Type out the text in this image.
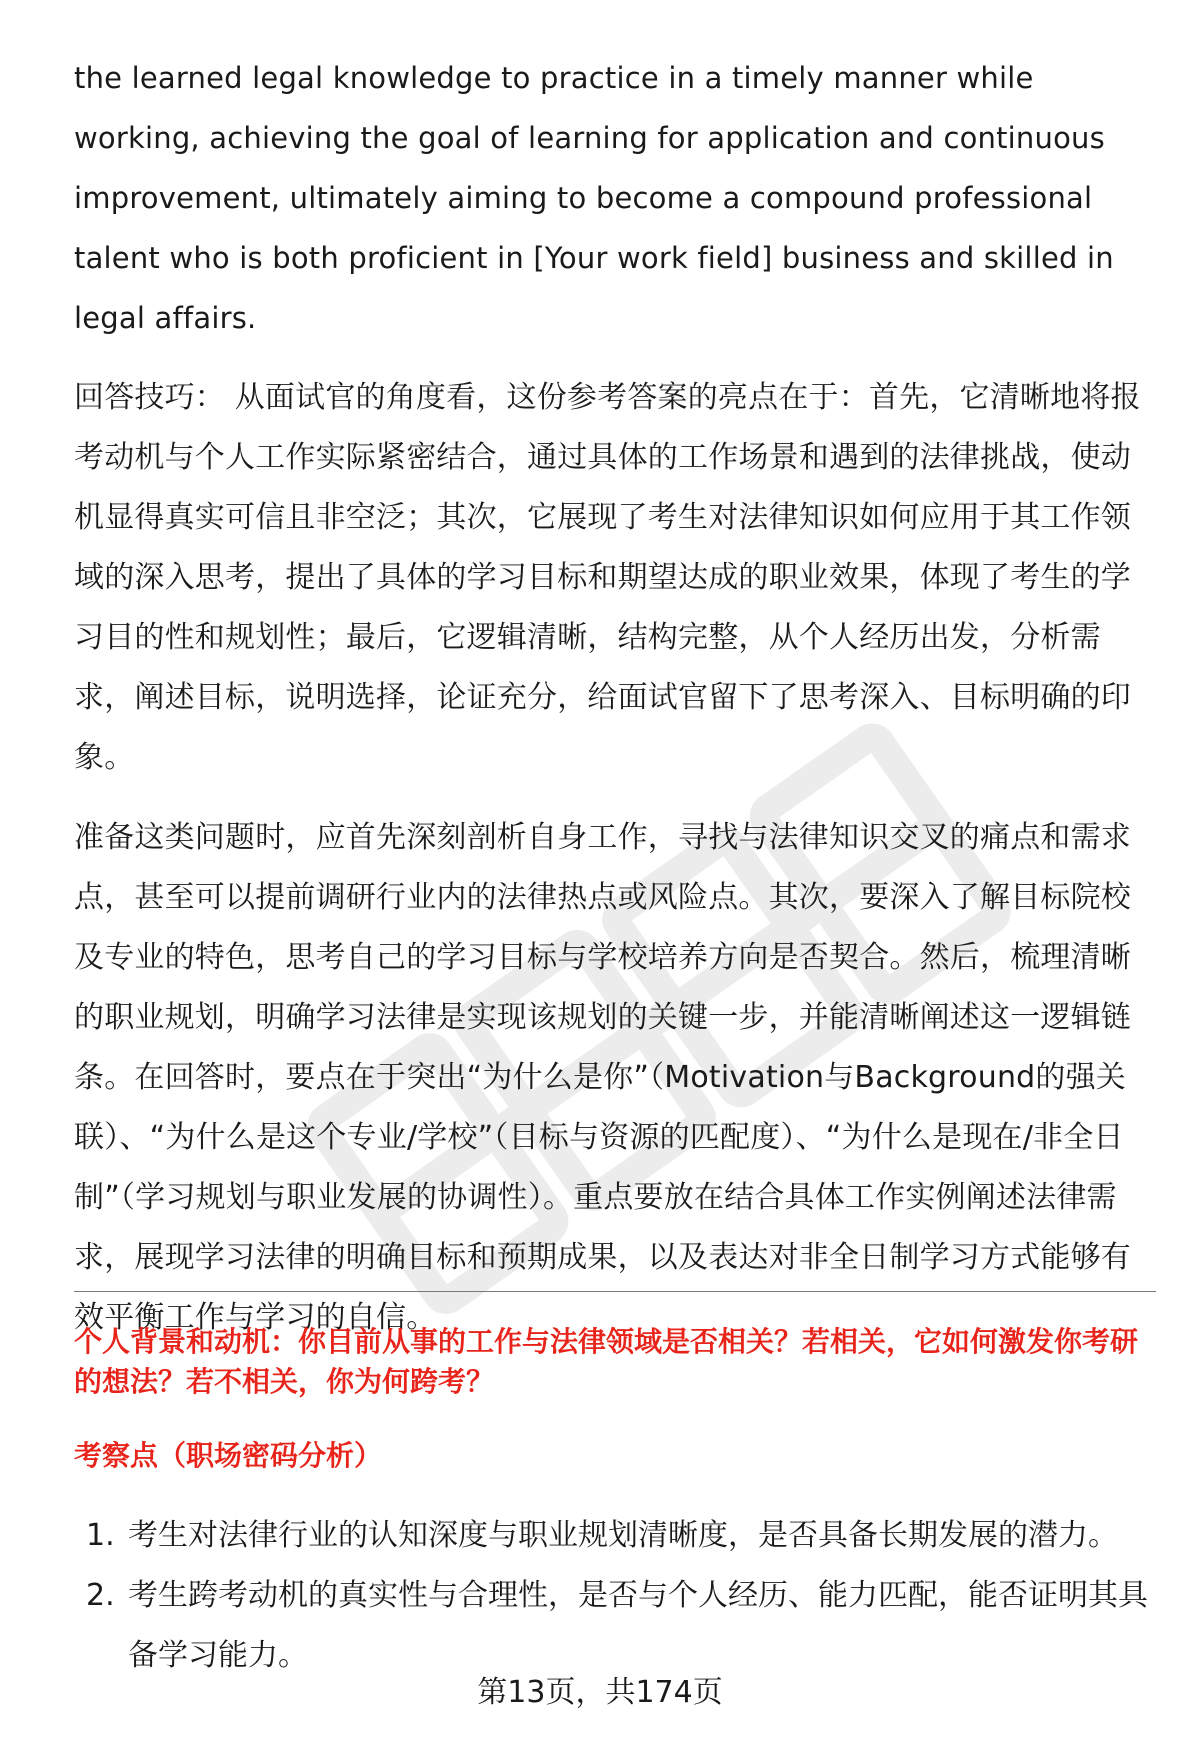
the learned legal knowledge to practice in a timely manner while working, achieving the goal of learning for application and continuous improvement, ultimately aiming to become a compound professional talent who is both proficient in [Your work field] business and skilled in legal affairs.

回答技巧： 从面试官的角度看，这份参考答案的亮点在于：首先，它清晰地将报考动机与个人工作实际紧密结合，通过具体的工作场景和遇到的法律挑战，使动机显得真实可信且非空泛；其次，它展现了考生对法律知识如何应用于其工作领域的深入思考，提出了具体的学习目标和期望达成的职业效果，体现了考生的学习目的性和规划性；最后，它逻辑清晰，结构完整，从个人经历出发，分析需求，阐述目标，说明选择，论证充分，给面试官留下了思考深入、目标明确的印象。

准备这类问题时，应首先深刻剖析自身工作，寻找与法律知识交叉的痛点和需求点，甚至可以提前调研行业内的法律热点或风险点。其次，要深入了解目标院校及专业的特色，思考自己的学习目标与学校培养方向是否契合。然后，梳理清晰的职业规划，明确学习法律是实现该规划的关键一步，并能清晰阐述这一逻辑链条。在回答时，要点在于突出“为什么是你”（Motivation与Background的强关联）、“为什么是这个专业/学校”（目标与资源的匹配度）、“为什么是现在/非全日制”（学习规划与职业发展的协调性）。重点要放在结合具体工作实例阐述法律需求，展现学习法律的明确目标和预期成果，以及表达对非全日制学习方式能够有效平衡工作与学习的自信。

个人背景和动机：你目前从事的工作与法律领域是否相关？若相关，它如何激发你考研的想法？若不相关，你为何跨考？

考察点（职场密码分析）

1. 考生对法律行业的认知深度与职业规划清晰度，是否具备长期发展的潜力。
2. 考生跨考动机的真实性与合理性，是否与个人经历、能力匹配，能否证明其具备学习能力。
第13页，共174页
